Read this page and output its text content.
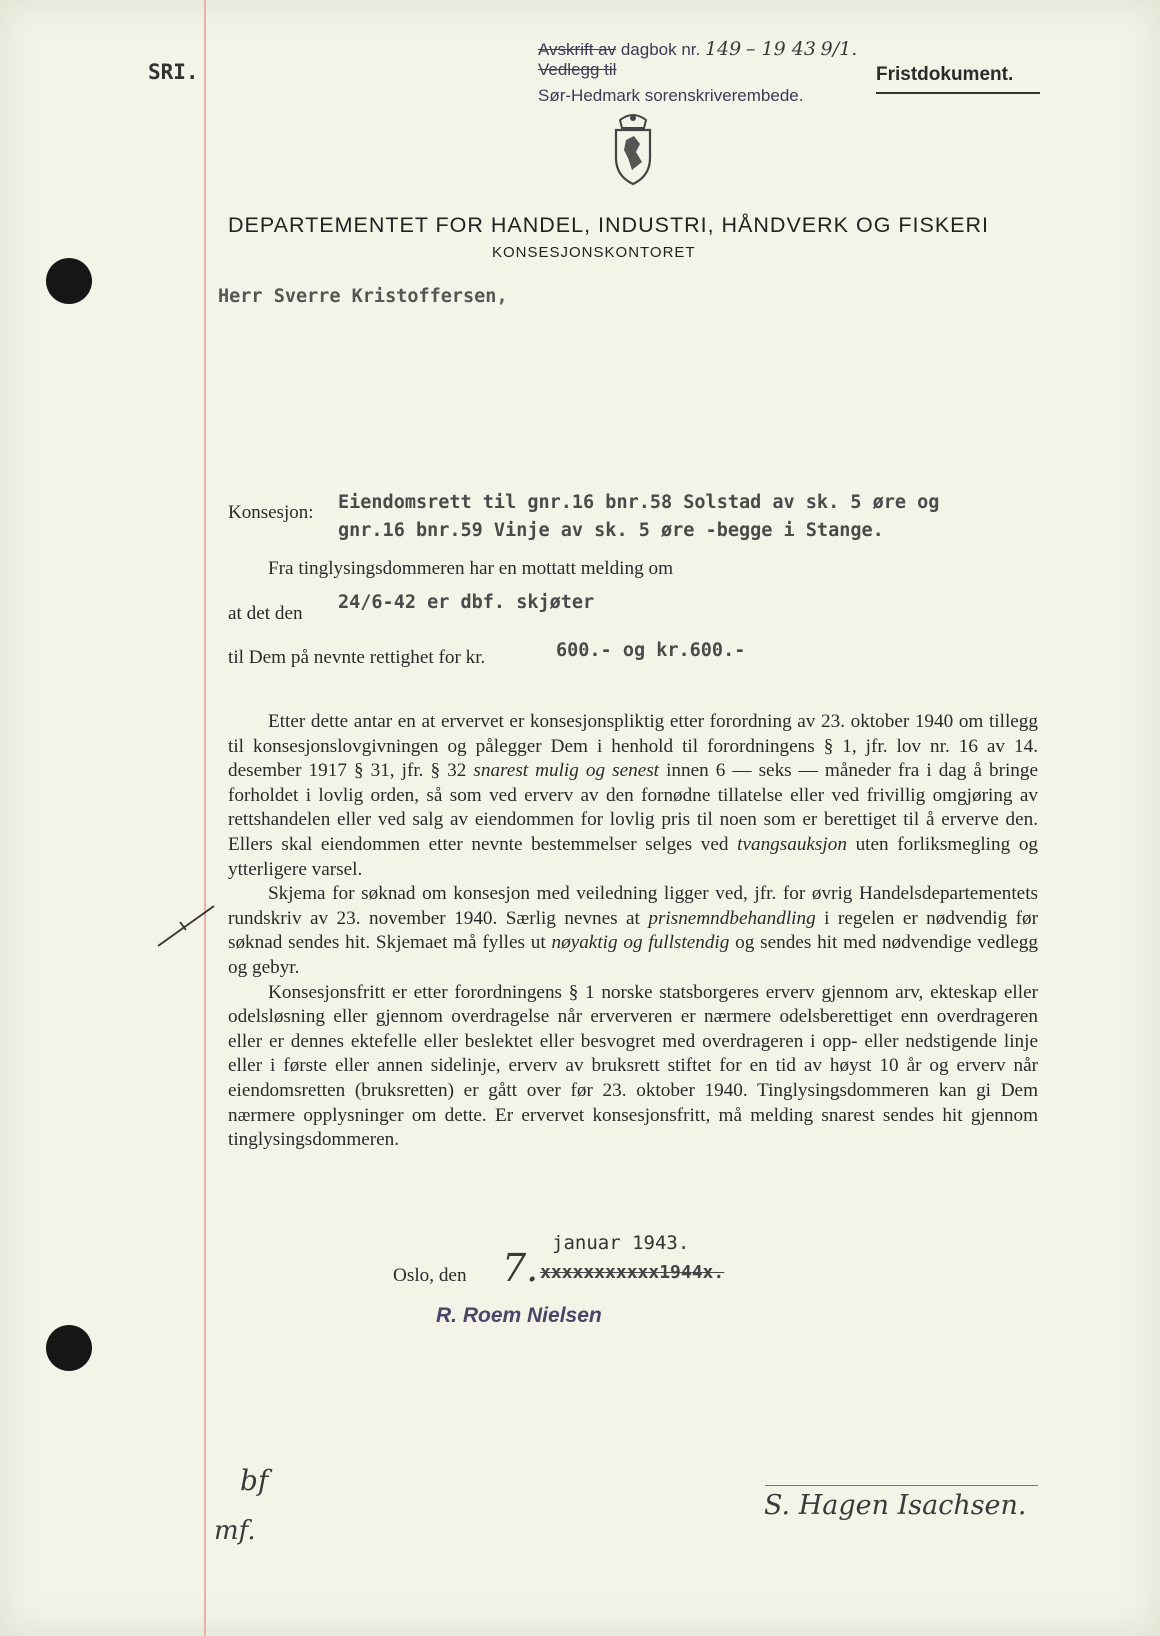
SRI.
Avskrift av dagbok nr. 149 – 19 43 9/1.
Vedlegg til
Sør-Hedmark sorenskriverembede.
Fristdokument.
DEPARTEMENTET FOR HANDEL, INDUSTRI, HÅNDVERK OG FISKERI
KONSESJONSKONTORET
Herr Sverre Kristoffersen,
Konsesjon: Eiendomsrett til gnr.16 bnr.58 Solstad av sk. 5 øre og
gnr.16 bnr.59 Vinje av sk. 5 øre -begge i Stange.
Fra tinglysingsdommeren har en mottatt melding om
at det den
24/6-42 er dbf. skjøter
til Dem på nevnte rettighet for kr.	600.- og kr.600.-

Etter dette antar en at ervervet er konsesjonspliktig etter forordning av 23. oktober 1940 om tillegg til konsesjonslovgivningen og pålegger Dem i henhold til forordningens § 1, jfr. lov nr. 16 av 14. desember 1917 § 31, jfr. § 32 snarest mulig og senest innen 6 — seks — måneder fra i dag å bringe forholdet i lovlig orden, så som ved erverv av den fornødne tillatelse eller ved frivillig omgjøring av rettshandelen eller ved salg av eiendommen for lovlig pris til noen som er berettiget til å erverve den. Ellers skal eiendommen etter nevnte bestemmelser selges ved tvangsauksjon uten forliksmegling og ytterligere varsel.

Skjema for søknad om konsesjon med veiledning ligger ved, jfr. for øvrig Handelsdepartementets rundskriv av 23. november 1940. Særlig nevnes at prisnemndbehandling i regelen er nødvendig før søknad sendes hit. Skjemaet må fylles ut nøyaktig og fullstendig og sendes hit med nødvendige vedlegg og gebyr.

Konsesjonsfritt er etter forordningens § 1 norske statsborgeres erverv gjennom arv, ekteskap eller odelsløsning eller gjennom overdragelse når erververen er nærmere odelsberettiget enn overdrageren eller er dennes ektefelle eller beslektet eller besvogret med overdrageren i opp- eller nedstigende linje eller i første eller annen sidelinje, erverv av bruksrett stiftet for en tid av høyst 10 år og erverv når eiendomsretten (bruksretten) er gått over før 23. oktober 1940. Tinglysingsdommeren kan gi Dem nærmere opplysninger om dette. Er ervervet konsesjonsfritt, må melding snarest sendes hit gjennom tinglysingsdommeren.

januar 1943.
Oslo, den 7. xxxxxxxxxxx1944x.
R. Roem Nielsen
bf
mf.
S. Hagen Isachsen.
